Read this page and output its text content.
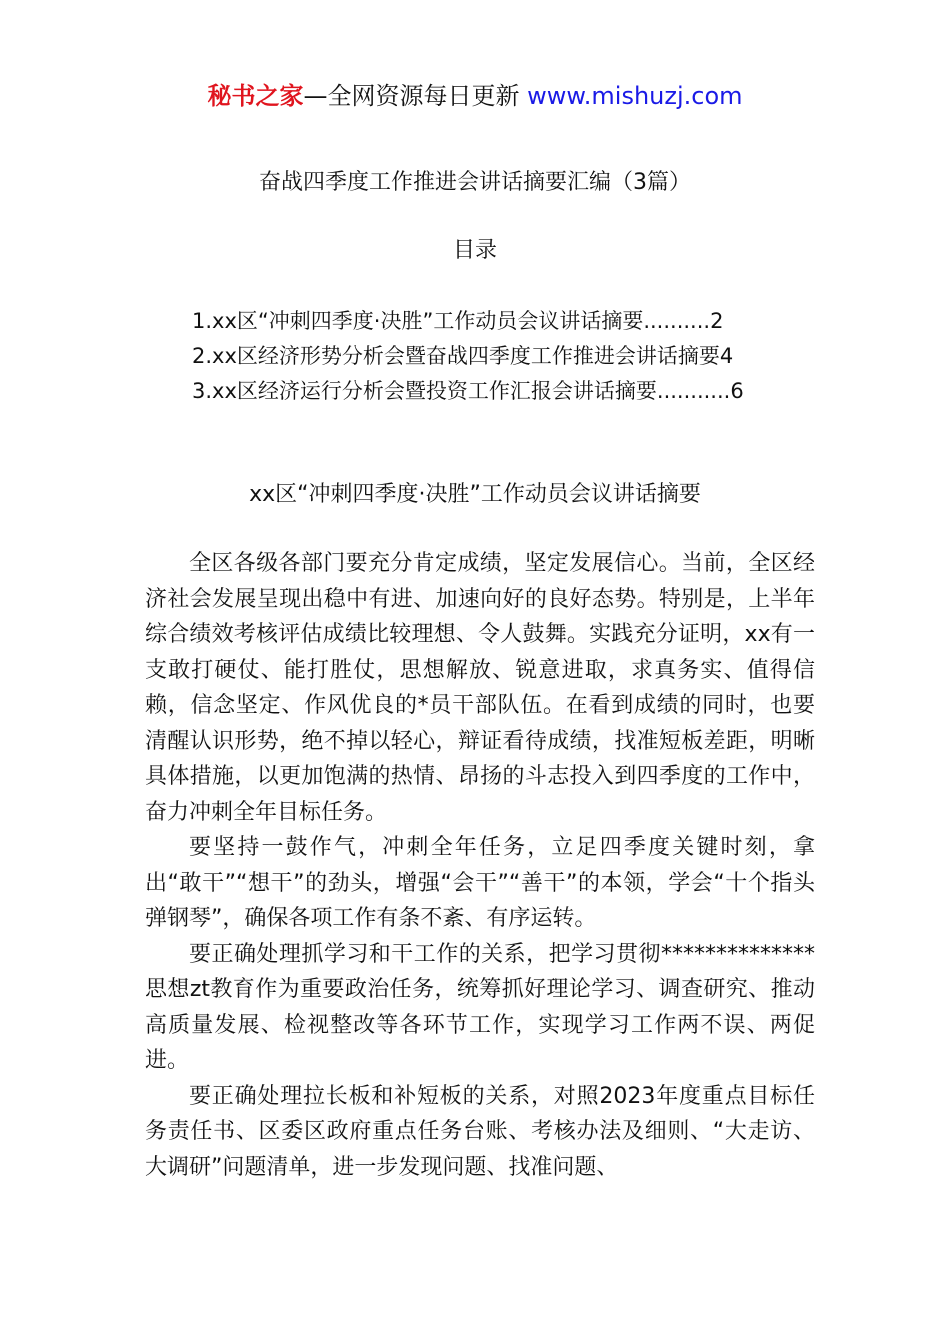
秘书之家—全网资源每日更新 www.mishuzj.com
奋战四季度工作推进会讲话摘要汇编（3篇）
目录
1.xx区“冲刺四季度·决胜”工作动员会议讲话摘要..........2
2.xx区经济形势分析会暨奋战四季度工作推进会讲话摘要4
3.xx区经济运行分析会暨投资工作汇报会讲话摘要...........6
xx区“冲刺四季度·决胜”工作动员会议讲话摘要

全区各级各部门要充分肯定成绩，坚定发展信心。当前，全区经济社会发展呈现出稳中有进、加速向好的良好态势。特别是，上半年综合绩效考核评估成绩比较理想、令人鼓舞。实践充分证明，xx有一支敢打硬仗、能打胜仗，思想解放、锐意进取，求真务实、值得信赖，信念坚定、作风优良的*员干部队伍。在看到成绩的同时，也要清醒认识形势，绝不掉以轻心，辩证看待成绩，找准短板差距，明晰具体措施，以更加饱满的热情、昂扬的斗志投入到四季度的工作中，奋力冲刺全年目标任务。

要坚持一鼓作气，冲刺全年任务，立足四季度关键时刻，拿出“敢干”“想干”的劲头，增强“会干”“善干”的本领，学会“十个指头弹钢琴”，确保各项工作有条不紊、有序运转。

要正确处理抓学习和干工作的关系，把学习贯彻**************思想zt教育作为重要政治任务，统筹抓好理论学习、调查研究、推动高质量发展、检视整改等各环节工作，实现学习工作两不误、两促进。

要正确处理拉长板和补短板的关系，对照2023年度重点目标任务责任书、区委区政府重点任务台账、考核办法及细则、“大走访、大调研”问题清单，进一步发现问题、找准问题、
